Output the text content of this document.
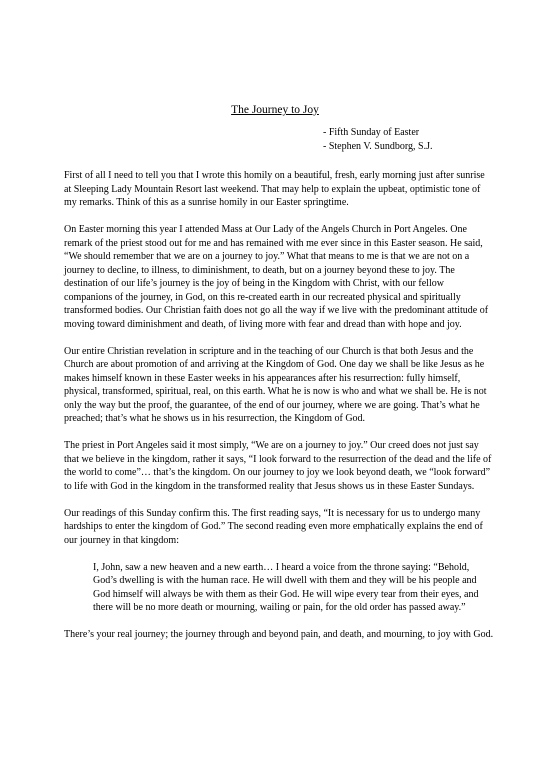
The Journey to Joy
- Fifth Sunday of Easter
- Stephen V. Sundborg, S.J.

First of all I need to tell you that I wrote this homily on a beautiful, fresh, early morning just after sunrise at Sleeping Lady Mountain Resort last weekend. That may help to explain the upbeat, optimistic tone of my remarks. Think of this as a sunrise homily in our Easter springtime.

On Easter morning this year I attended Mass at Our Lady of the Angels Church in Port Angeles. One remark of the priest stood out for me and has remained with me ever since in this Easter season. He said, “We should remember that we are on a journey to joy.” What that means to me is that we are not on a journey to decline, to illness, to diminishment, to death, but on a journey beyond these to joy. The destination of our life’s journey is the joy of being in the Kingdom with Christ, with our fellow companions of the journey, in God, on this re-created earth in our recreated physical and spiritually transformed bodies. Our Christian faith does not go all the way if we live with the predominant attitude of moving toward diminishment and death, of living more with fear and dread than with hope and joy.

Our entire Christian revelation in scripture and in the teaching of our Church is that both Jesus and the Church are about promotion of and arriving at the Kingdom of God. One day we shall be like Jesus as he makes himself known in these Easter weeks in his appearances after his resurrection: fully himself, physical, transformed, spiritual, real, on this earth. What he is now is who and what we shall be. He is not only the way but the proof, the guarantee, of the end of our journey, where we are going. That’s what he preached; that’s what he shows us in his resurrection, the Kingdom of God.

The priest in Port Angeles said it most simply, “We are on a journey to joy.” Our creed does not just say that we believe in the kingdom, rather it says, “I look forward to the resurrection of the dead and the life of the world to come”… that’s the kingdom. On our journey to joy we look beyond death, we “look forward” to life with God in the kingdom in the transformed reality that Jesus shows us in these Easter Sundays.

Our readings of this Sunday confirm this. The first reading says, “It is necessary for us to undergo many hardships to enter the kingdom of God.” The second reading even more emphatically explains the end of our journey in that kingdom:

I, John, saw a new heaven and a new earth… I heard a voice from the throne saying: “Behold, God’s dwelling is with the human race. He will dwell with them and they will be his people and God himself will always be with them as their God. He will wipe every tear from their eyes, and there will be no more death or mourning, wailing or pain, for the old order has passed away.”

There’s your real journey; the journey through and beyond pain, and death, and mourning, to joy with God.
